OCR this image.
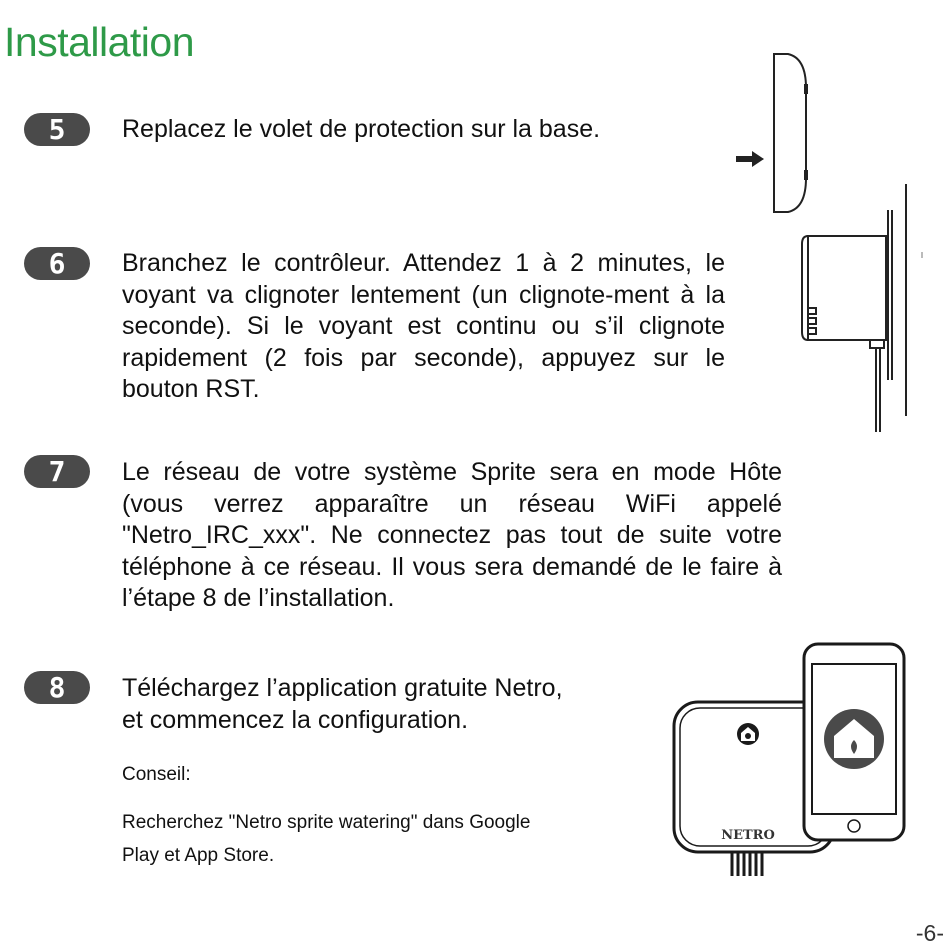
Installation
5	Replacez le volet de protection sur la base.
6	Branchez le contrôleur. Attendez 1 à 2 minutes, le voyant va clignoter lentement (un clignote-ment à la seconde). Si le voyant est continu ou s’il clignote rapidement (2 fois par seconde), appuyez sur le bouton RST.
7	Le réseau de votre système Sprite sera en mode Hôte (vous verrez apparaître un réseau WiFi appelé "Netro_IRC_xxx". Ne connectez pas tout de suite votre téléphone à ce réseau. Il vous sera demandé de le faire à l’étape 8 de l’installation.
8	Téléchargez l’application gratuite Netro,
et commencez la configuration.
Conseil:
Recherchez "Netro sprite watering" dans Google Play et App Store.
NETRO
-6-
